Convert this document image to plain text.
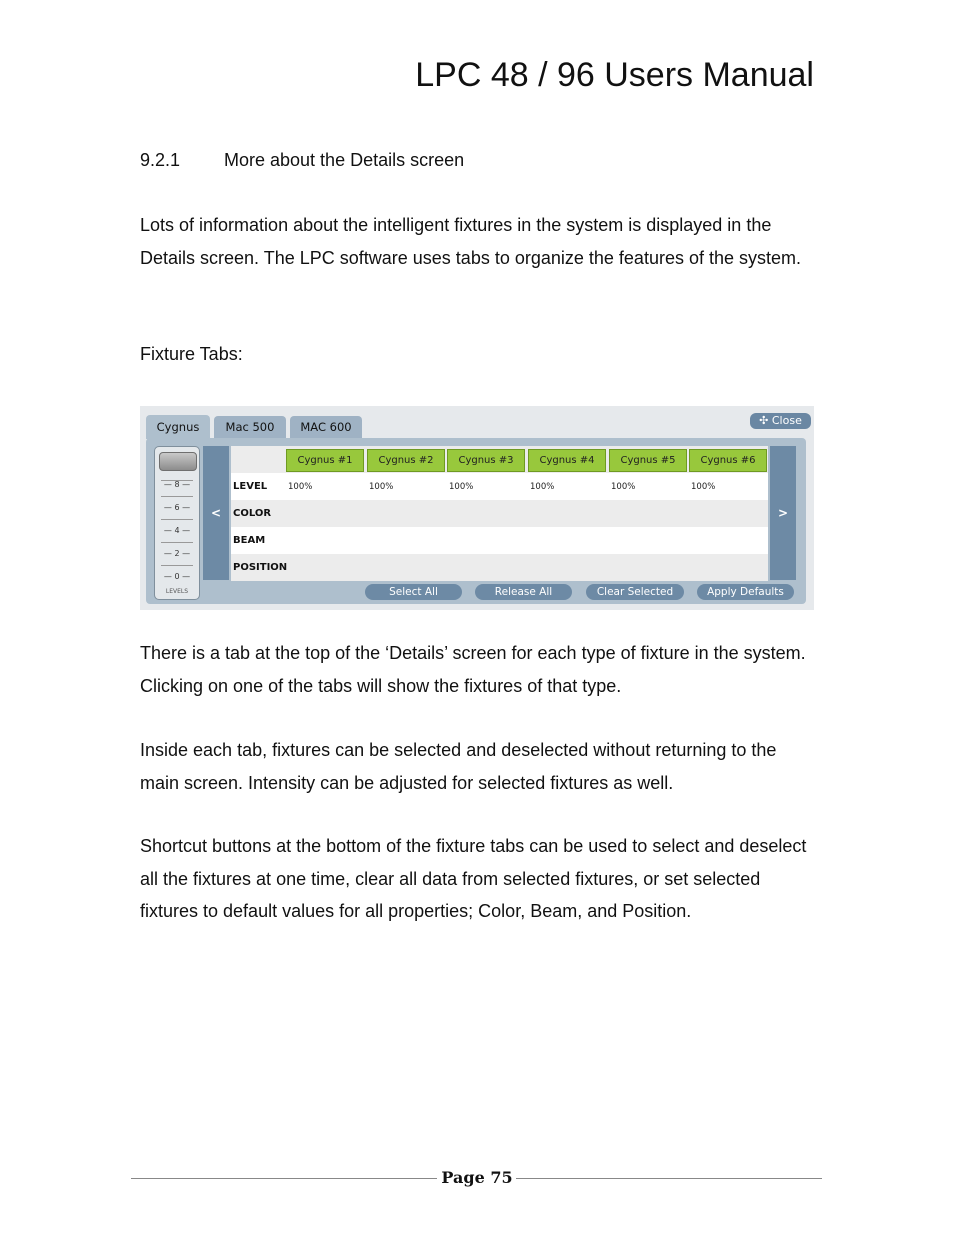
LPC 48 / 96 Users Manual
9.2.1 More about the Details screen

Lots of information about the intelligent fixtures in the system is displayed in the Details screen. The LPC software uses tabs to organize the features of the system.

Fixture Tabs:

Cygnus	Mac 500	MAC 600	✣ Close
— 8 —
— 6 —
— 4 —
— 2 —
— 0 —
LEVELS
<	>
Cygnus #1	Cygnus #2	Cygnus #3	Cygnus #4	Cygnus #5	Cygnus #6
LEVEL 100%	100%	100%	100%	100%	100%
COLOR
BEAM
POSITION
Select All	Release All	Clear Selected	Apply Defaults

There is a tab at the top of the ‘Details’ screen for each type of fixture in the system. Clicking on one of the tabs will show the fixtures of that type.

Inside each tab, fixtures can be selected and deselected without returning to the main screen. Intensity can be adjusted for selected fixtures as well.

Shortcut buttons at the bottom of the fixture tabs can be used to select and deselect all the fixtures at one time, clear all data from selected fixtures, or set selected fixtures to default values for all properties; Color, Beam, and Position.

Page 75
